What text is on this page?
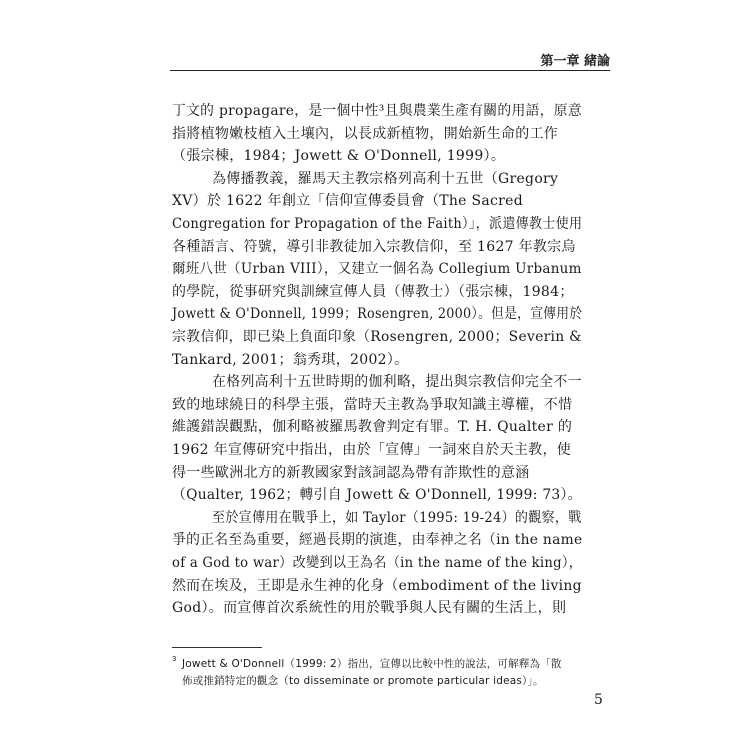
第一章 緒論
丁文的 propagare，是一個中性³且與農業生產有關的用語，原意
指將植物嫩枝植入土壤內，以長成新植物，開始新生命的工作
（張宗棟，1984；Jowett & O'Donnell, 1999）。
為傳播教義，羅馬天主教宗格列高利十五世（Gregory
XV）於 1622 年創立「信仰宣傳委員會（The Sacred
Congregation for Propagation of the Faith）」，派遣傳教士使用
各種語言、符號，導引非教徒加入宗教信仰，至 1627 年教宗烏
爾班八世（Urban VIII），又建立一個名為 Collegium Urbanum
的學院，從事研究與訓練宣傳人員（傳教士）（張宗棟，1984；
Jowett & O'Donnell, 1999；Rosengren, 2000）。但是，宣傳用於
宗教信仰，即已染上負面印象（Rosengren, 2000；Severin &
Tankard, 2001；翁秀琪，2002）。
在格列高利十五世時期的伽利略，提出與宗教信仰完全不一
致的地球繞日的科學主張，當時天主教為爭取知識主導權，不惜
維護錯誤觀點，伽利略被羅馬教會判定有罪。T. H. Qualter 的
1962 年宣傳研究中指出，由於「宣傳」一詞來自於天主教，使
得一些歐洲北方的新教國家對該詞認為帶有詐欺性的意涵
（Qualter, 1962；轉引自 Jowett & O'Donnell, 1999: 73）。
至於宣傳用在戰爭上，如 Taylor（1995: 19-24）的觀察，戰
爭的正名至為重要，經過長期的演進，由奉神之名（in the name
of a God to war）改變到以王為名（in the name of the king），
然而在埃及，王即是永生神的化身（embodiment of the living
God）。而宣傳首次系統性的用於戰爭與人民有關的生活上，則
$^3$ Jowett & O'Donnell（1999: 2）指出，宣傳以比較中性的說法，可解釋為「散
佈或推銷特定的觀念（to disseminate or promote particular ideas）」。
5
